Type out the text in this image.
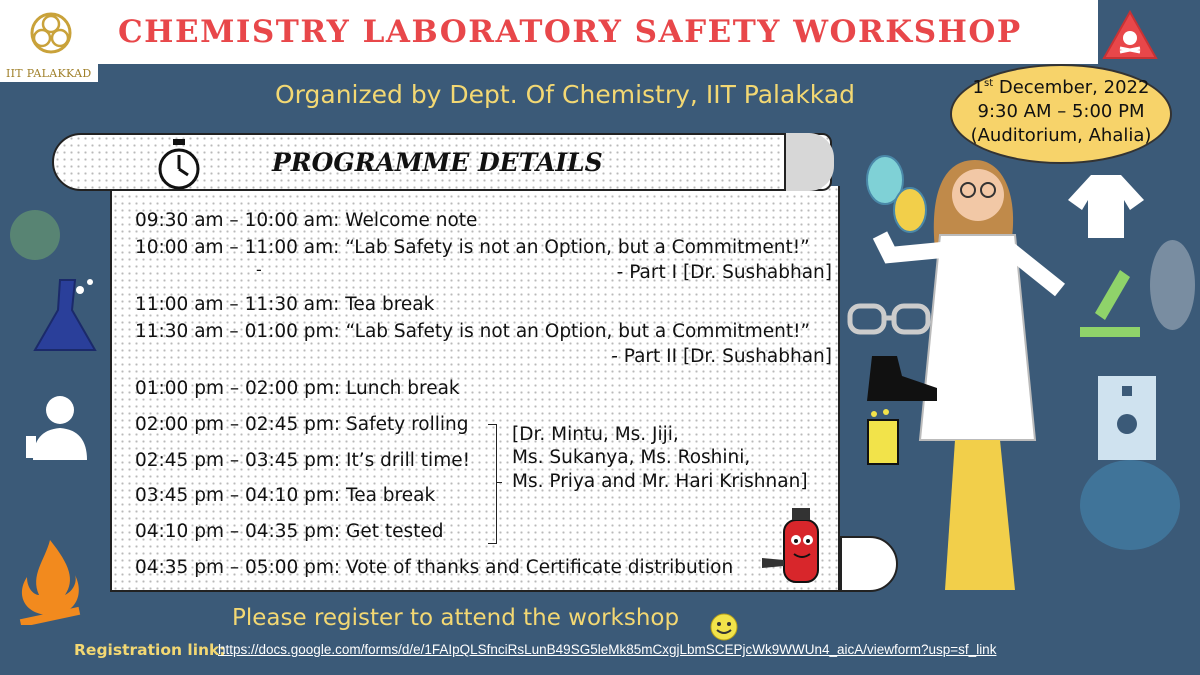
IIT PALAKKAD
CHEMISTRY LABORATORY SAFETY WORKSHOP
Organized by Dept. Of Chemistry, IIT Palakkad	1st December, 2022
9:30 AM – 5:00 PM
(Auditorium, Ahalia)
PROGRAMME DETAILS
09:30 am – 10:00 am: Welcome note
10:00 am – 11:00 am: “Lab Safety is not an Option, but a Commitment!”
-	- Part I [Dr. Sushabhan]
11:00 am – 11:30 am: Tea break
11:30 am – 01:00 pm: “Lab Safety is not an Option, but a Commitment!”
- Part II [Dr. Sushabhan]
01:00 pm – 02:00 pm: Lunch break
02:00 pm – 02:45 pm: Safety rolling
02:45 pm – 03:45 pm: It’s drill time!
03:45 pm – 04:10 pm: Tea break
04:10 pm – 04:35 pm: Get tested
04:35 pm – 05:00 pm: Vote of thanks and Certificate distribution
[Dr. Mintu, Ms. Jiji,
Ms. Sukanya, Ms. Roshini,
Ms. Priya and Mr. Hari Krishnan]
Please register to attend the workshop
Registration link:
https://docs.google.com/forms/d/e/1FAIpQLSfnciRsLunB49SG5leMk85mCxgjLbmSCEPjcWk9WWUn4_aicA/viewform?usp=sf_link
